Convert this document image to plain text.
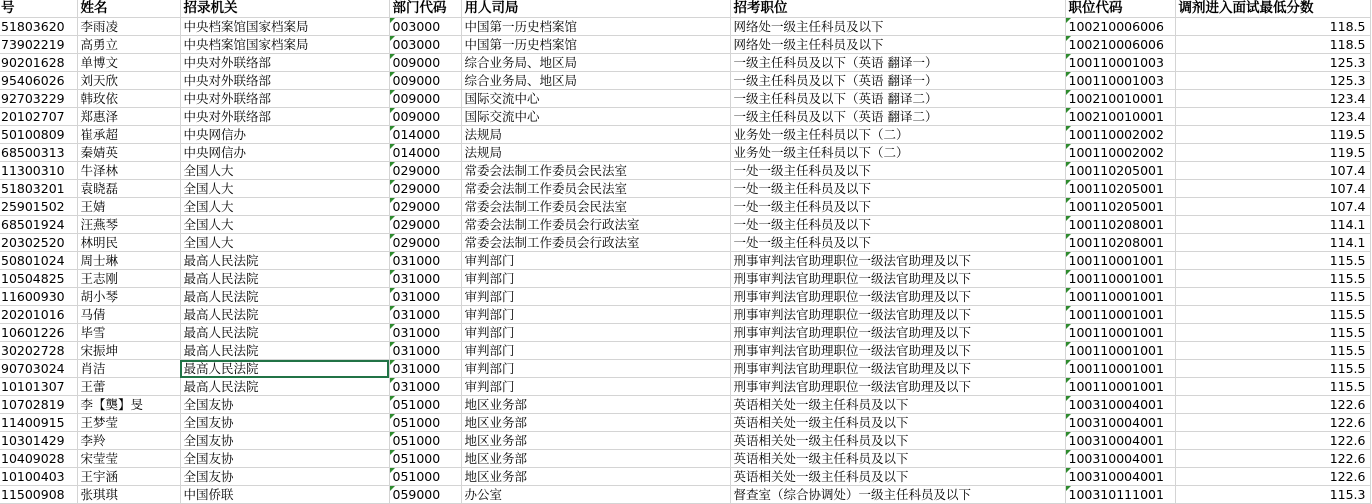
号	姓名	招录机关	部门代码	用人司局	招考职位	职位代码	调剂进入面试最低分数
51803620	李雨凌	中央档案馆国家档案局	003000	中国第一历史档案馆	网络处一级主任科员及以下	100210006006	118.5
73902219	高勇立	中央档案馆国家档案局	003000	中国第一历史档案馆	网络处一级主任科员及以下	100210006006	118.5
90201628	单博文	中央对外联络部	009000	综合业务局、地区局	一级主任科员及以下（英语 翻译一）	100110001003	125.3
95406026	刘天欣	中央对外联络部	009000	综合业务局、地区局	一级主任科员及以下（英语 翻译一）	100110001003	125.3
92703229	韩玫依	中央对外联络部	009000	国际交流中心	一级主任科员及以下（英语 翻译二）	100210010001	123.4
20102707	郑惠泽	中央对外联络部	009000	国际交流中心	一级主任科员及以下（英语 翻译二）	100210010001	123.4
50100809	崔承超	中央网信办	014000	法规局	业务处一级主任科员以下（二）	100110002002	119.5
68500313	秦婧英	中央网信办	014000	法规局	业务处一级主任科员以下（二）	100110002002	119.5
11300310	牛泽林	全国人大	029000	常委会法制工作委员会民法室	一处一级主任科员及以下	100110205001	107.4
51803201	袁晓磊	全国人大	029000	常委会法制工作委员会民法室	一处一级主任科员及以下	100110205001	107.4
25901502	王婧	全国人大	029000	常委会法制工作委员会民法室	一处一级主任科员及以下	100110205001	107.4
68501924	汪燕琴	全国人大	029000	常委会法制工作委员会行政法室	一处一级主任科员及以下	100110208001	114.1
20302520	林明民	全国人大	029000	常委会法制工作委员会行政法室	一处一级主任科员及以下	100110208001	114.1
50801024	周士琳	最高人民法院	031000	审判部门	刑事审判法官助理职位一级法官助理及以下	100110001001	115.5
10504825	王志刚	最高人民法院	031000	审判部门	刑事审判法官助理职位一级法官助理及以下	100110001001	115.5
11600930	胡小琴	最高人民法院	031000	审判部门	刑事审判法官助理职位一级法官助理及以下	100110001001	115.5
20201016	马倩	最高人民法院	031000	审判部门	刑事审判法官助理职位一级法官助理及以下	100110001001	115.5
10601226	毕雪	最高人民法院	031000	审判部门	刑事审判法官助理职位一级法官助理及以下	100110001001	115.5
30202728	宋振坤	最高人民法院	031000	审判部门	刑事审判法官助理职位一级法官助理及以下	100110001001	115.5
90703024	肖洁	最高人民法院	031000	审判部门	刑事审判法官助理职位一级法官助理及以下	100110001001	115.5
10101307	王蕾	最高人民法院	031000	审判部门	刑事审判法官助理职位一级法官助理及以下	100110001001	115.5
10702819	李【龑】旻	全国友协	051000	地区业务部	英语相关处一级主任科员及以下	100310004001	122.6
11400915	王梦莹	全国友协	051000	地区业务部	英语相关处一级主任科员及以下	100310004001	122.6
10301429	李羚	全国友协	051000	地区业务部	英语相关处一级主任科员及以下	100310004001	122.6
10409028	宋莹莹	全国友协	051000	地区业务部	英语相关处一级主任科员及以下	100310004001	122.6
10100403	王宇涵	全国友协	051000	地区业务部	英语相关处一级主任科员及以下	100310004001	122.6
11500908	张琪琪	中国侨联	059000	办公室	督查室（综合协调处）一级主任科员及以下	100310111001	115.3
